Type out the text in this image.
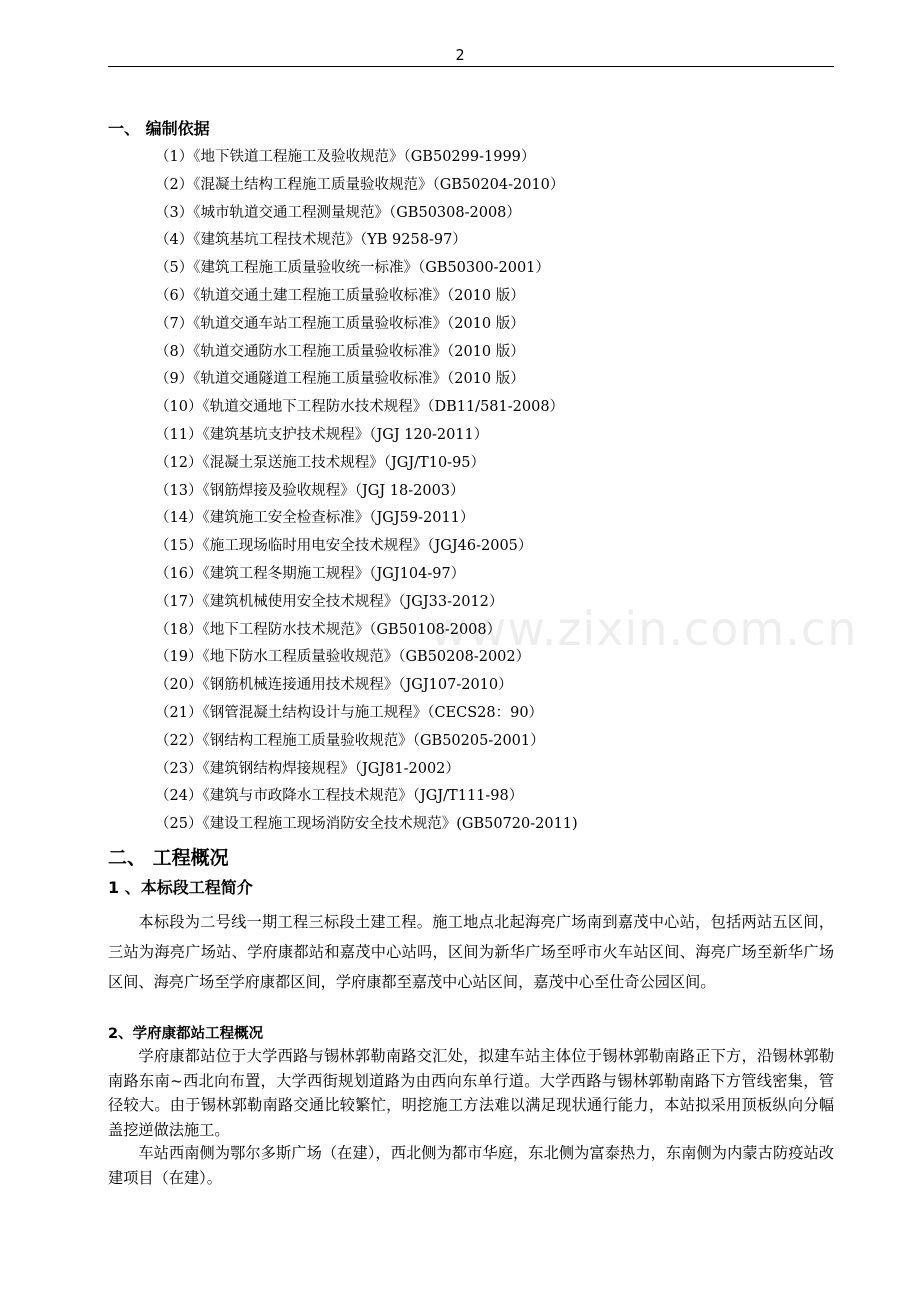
2
www.zixin.com.cn
一、 编制依据
（1）《地下铁道工程施工及验收规范》（GB50299-1999）
（2）《混凝土结构工程施工质量验收规范》（GB50204-2010）
（3）《城市轨道交通工程测量规范》（GB50308-2008）
（4）《建筑基坑工程技术规范》（YB 9258-97）
（5）《建筑工程施工质量验收统一标准》（GB50300-2001）
（6）《轨道交通土建工程施工质量验收标准》（2010 版）
（7）《轨道交通车站工程施工质量验收标准》（2010 版）
（8）《轨道交通防水工程施工质量验收标准》（2010 版）
（9）《轨道交通隧道工程施工质量验收标准》（2010 版）
（10）《轨道交通地下工程防水技术规程》（DB11/581-2008）
（11）《建筑基坑支护技术规程》（JGJ 120-2011）
（12）《混凝土泵送施工技术规程》（JGJ/T10-95）
（13）《钢筋焊接及验收规程》（JGJ 18-2003）
（14）《建筑施工安全检查标准》（JGJ59-2011）
（15）《施工现场临时用电安全技术规程》（JGJ46-2005）
（16）《建筑工程冬期施工规程》（JGJ104-97）
（17）《建筑机械使用安全技术规程》（JGJ33-2012）
（18）《地下工程防水技术规范》（GB50108-2008）
（19）《地下防水工程质量验收规范》（GB50208-2002）
（20）《钢筋机械连接通用技术规程》（JGJ107-2010）
（21）《钢管混凝土结构设计与施工规程》（CECS28：90）
（22）《钢结构工程施工质量验收规范》（GB50205-2001）
（23）《建筑钢结构焊接规程》（JGJ81-2002）
（24）《建筑与市政降水工程技术规范》（JGJ/T111-98）
（25）《建设工程施工现场消防安全技术规范》(GB50720-2011)
二、 工程概况
1 、本标段工程简介

本标段为二号线一期工程三标段土建工程。施工地点北起海亮广场南到嘉茂中心站，包括两站五区间，三站为海亮广场站、学府康都站和嘉茂中心站吗，区间为新华广场至呼市火车站区间、海亮广场至新华广场区间、海亮广场至学府康都区间，学府康都至嘉茂中心站区间，嘉茂中心至仕奇公园区间。

2、学府康都站工程概况

学府康都站位于大学西路与锡林郭勒南路交汇处，拟建车站主体位于锡林郭勒南路正下方，沿锡林郭勒南路东南~西北向布置，大学西街规划道路为由西向东单行道。大学西路与锡林郭勒南路下方管线密集，管径较大。由于锡林郭勒南路交通比较繁忙，明挖施工方法难以满足现状通行能力，本站拟采用顶板纵向分幅盖挖逆做法施工。

车站西南侧为鄂尔多斯广场（在建），西北侧为都市华庭，东北侧为富泰热力，东南侧为内蒙古防疫站改建项目（在建）。
